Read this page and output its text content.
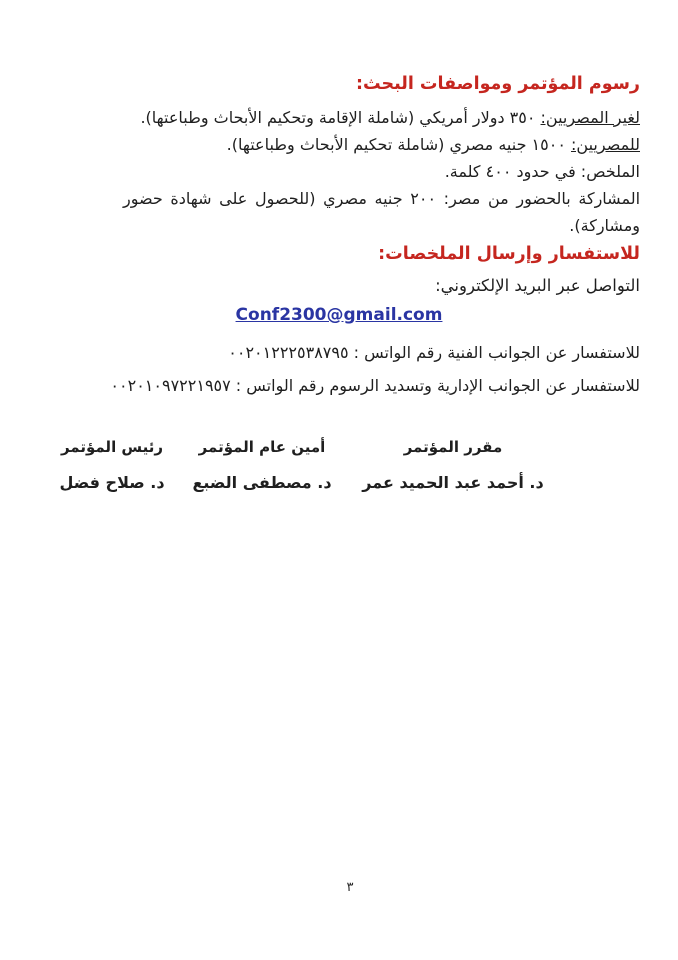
رسوم المؤتمر ومواصفات البحث:
لغير المصريين: ٣٥٠ دولار أمريكي (شاملة الإقامة وتحكيم الأبحاث وطباعتها).
للمصريين: ١٥٠٠ جنيه مصري (شاملة تحكيم الأبحاث وطباعتها).
الملخص: في حدود ٤٠٠ كلمة.
المشاركة بالحضور من مصر: ٢٠٠ جنيه مصري (للحصول على شهادة حضور ومشاركة).
للاستفسار وإرسال الملخصات:
التواصل عبر البريد الإلكتروني:
Conf2300@gmail.com
للاستفسار عن الجوانب الفنية رقم الواتس : ٠٠٢٠١٢٢٢٥٣٨٧٩٥
للاستفسار عن الجوانب الإدارية وتسديد الرسوم رقم الواتس : ٠٠٢٠١٠٩٧٢٢١٩٥٧
مقرر المؤتمر
د. أحمد عبد الحميد عمر
أمين عام المؤتمر
د. مصطفى الضبع
رئيس المؤتمر
د. صلاح فضل
٣
